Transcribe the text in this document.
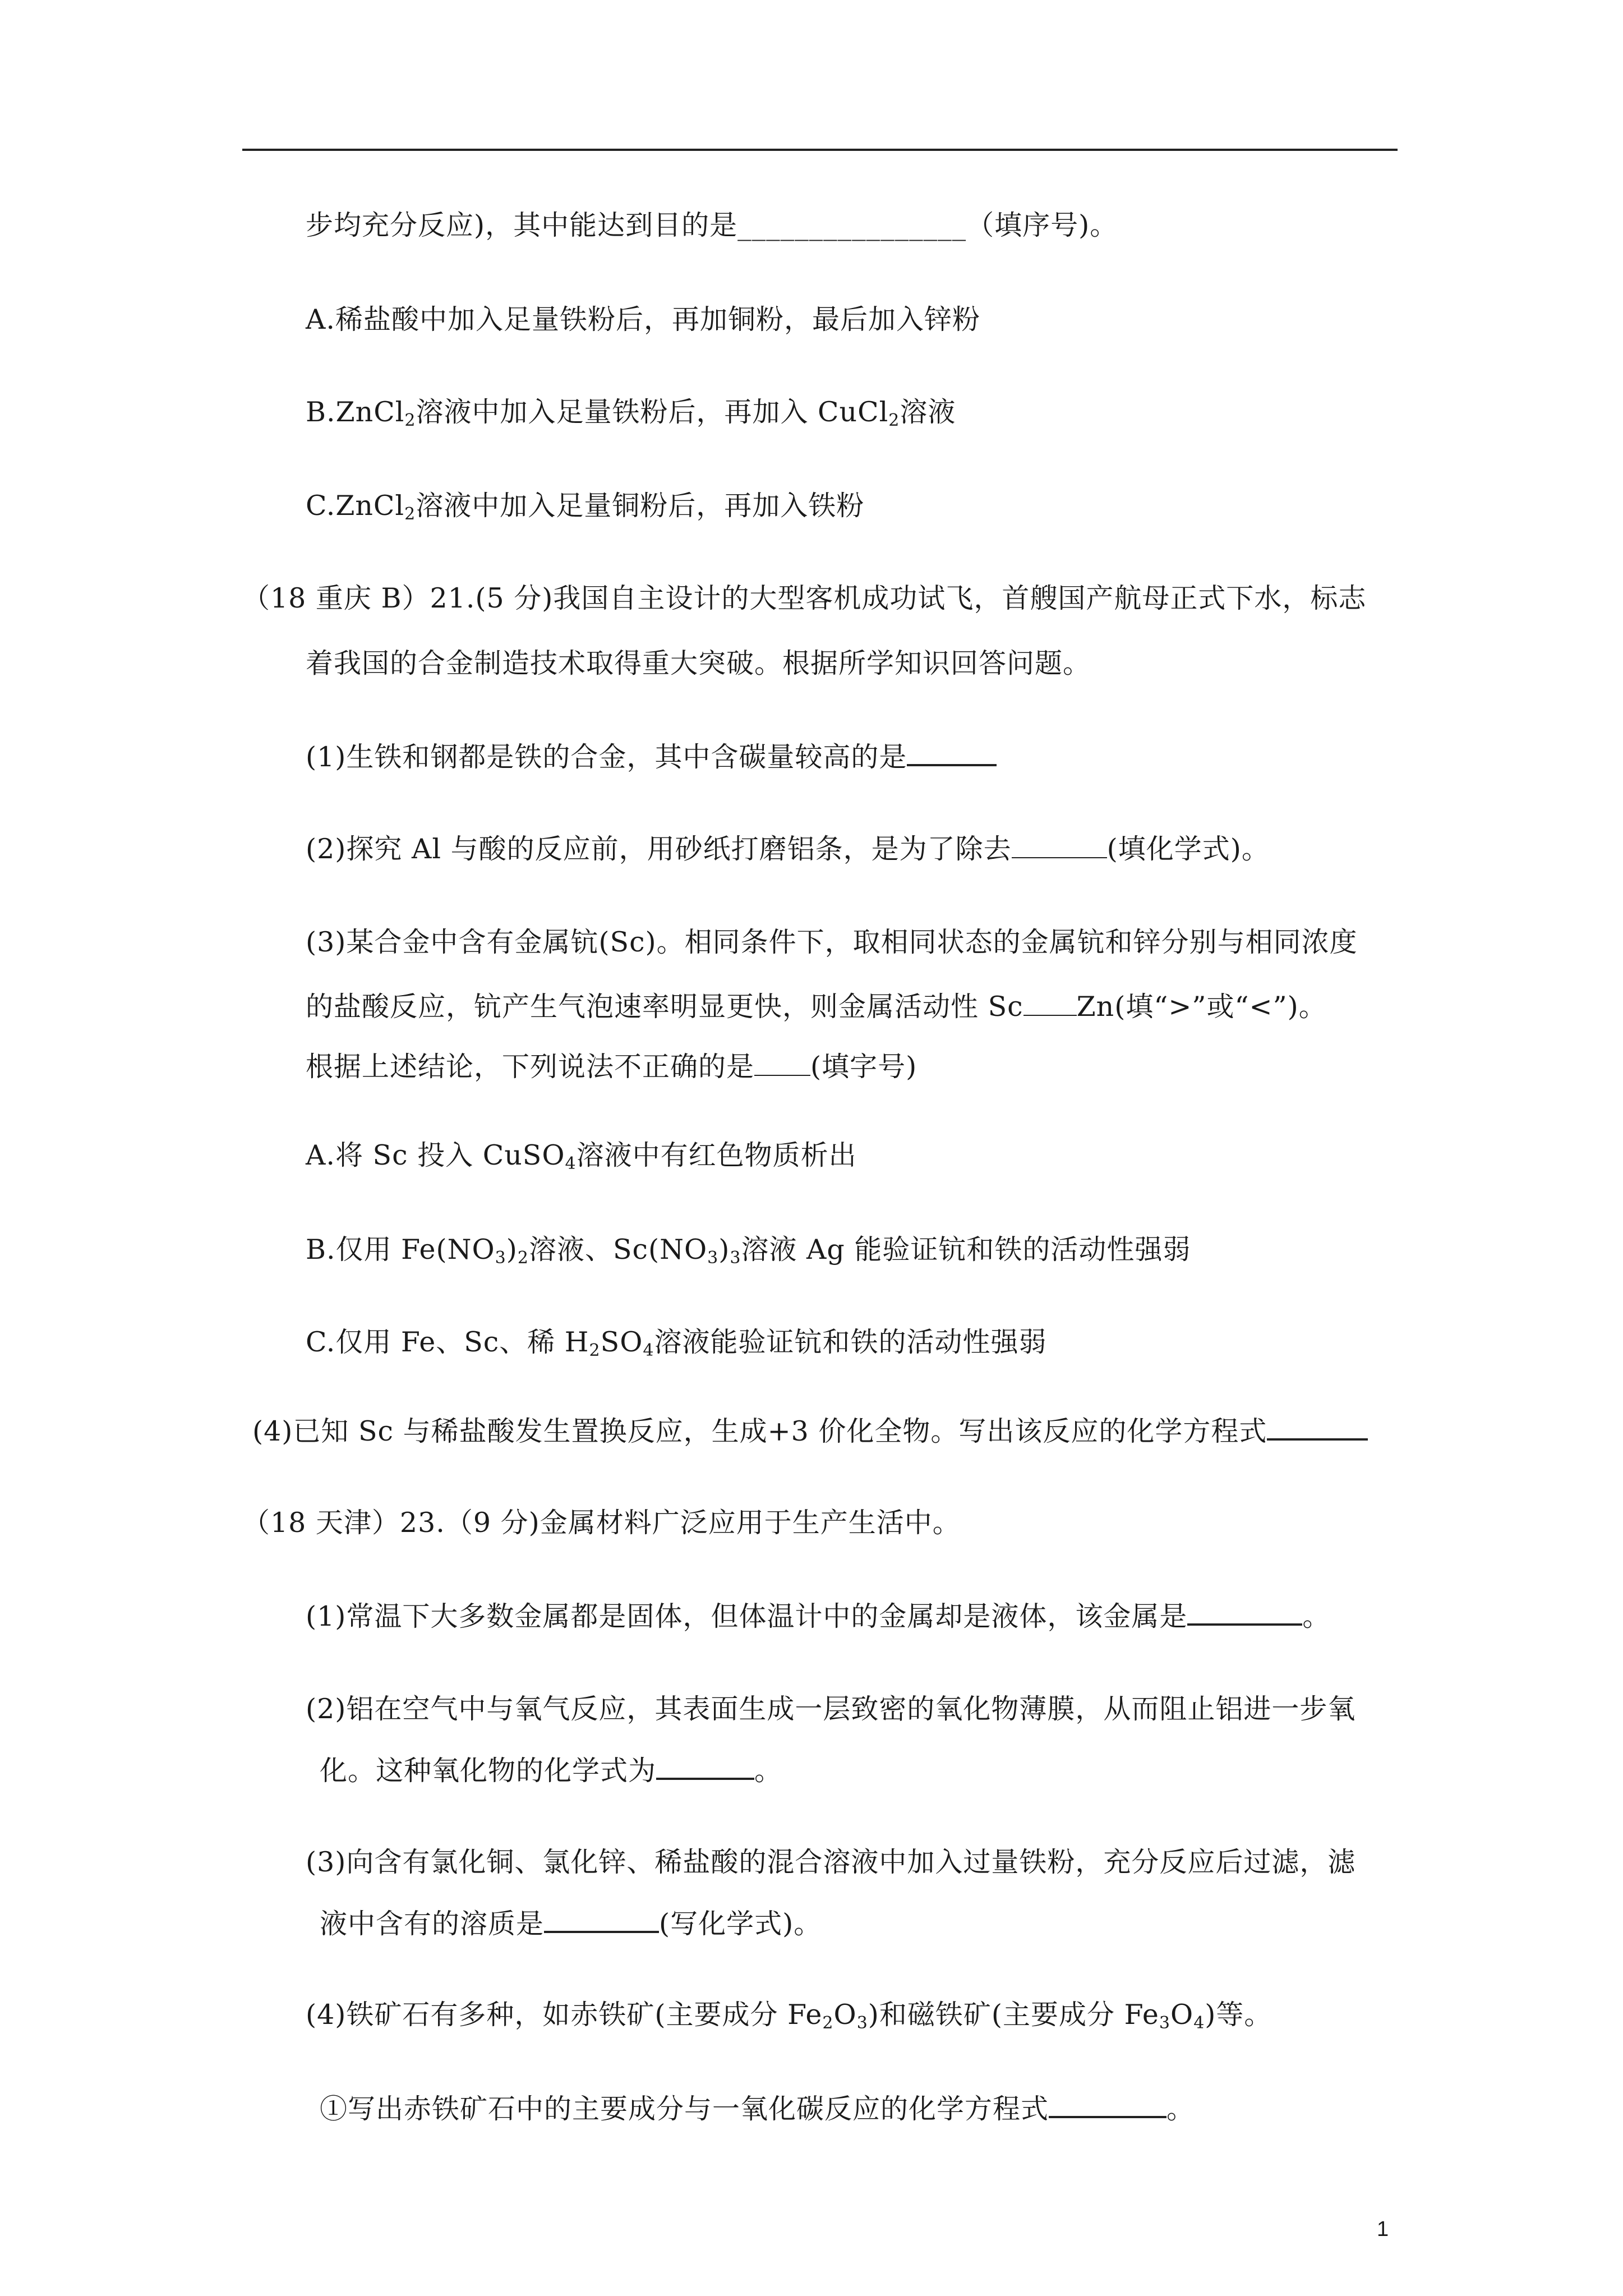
步均充分反应)，其中能达到目的是________________（填序号)。
A.稀盐酸中加入足量铁粉后，再加铜粉，最后加入锌粉
B.ZnCl$_2$溶液中加入足量铁粉后，再加入 CuCl$_2$溶液
C.ZnCl$_2$溶液中加入足量铜粉后，再加入铁粉
（18 重庆 B）21.(5 分)我国自主设计的大型客机成功试飞，首艘国产航母正式下水，标志
着我国的合金制造技术取得重大突破。根据所学知识回答问题。
(1)生铁和钢都是铁的合金，其中含碳量较高的是
(2)探究 Al 与酸的反应前，用砂纸打磨铝条，是为了除去	(填化学式)。
(3)某合金中含有金属钪(Sc)。相同条件下，取相同状态的金属钪和锌分别与相同浓度
的盐酸反应，钪产生气泡速率明显更快，则金属活动性 Sc Zn(填“>”或“<”)。
根据上述结论，下列说法不正确的是 (填字号)
A.将 Sc 投入 CuSO$_4$溶液中有红色物质析出
B.仅用 $Fe(NO_3)_2$溶液、$Sc(NO_3)_3$溶液 Ag 能验证钪和铁的活动性强弱
C.仅用 Fe、Sc、稀 $H_2SO_4$溶液能验证钪和铁的活动性强弱
(4)已知 Sc 与稀盐酸发生置换反应，生成+3 价化全物。写出该反应的化学方程式
（18 天津）23.（9 分)金属材料广泛应用于生产生活中。
(1)常温下大多数金属都是固体，但体温计中的金属却是液体，该金属是	。
(2)铝在空气中与氧气反应，其表面生成一层致密的氧化物薄膜，从而阻止铝进一步氧
化。这种氧化物的化学式为	。
(3)向含有氯化铜、氯化锌、稀盐酸的混合溶液中加入过量铁粉，充分反应后过滤，滤
液中含有的溶质是	(写化学式)。
(4)铁矿石有多种，如赤铁矿(主要成分 $Fe_2O_3$)和磁铁矿(主要成分 $Fe_3O_4$)等。
①写出赤铁矿石中的主要成分与一氧化碳反应的化学方程式	。
1
